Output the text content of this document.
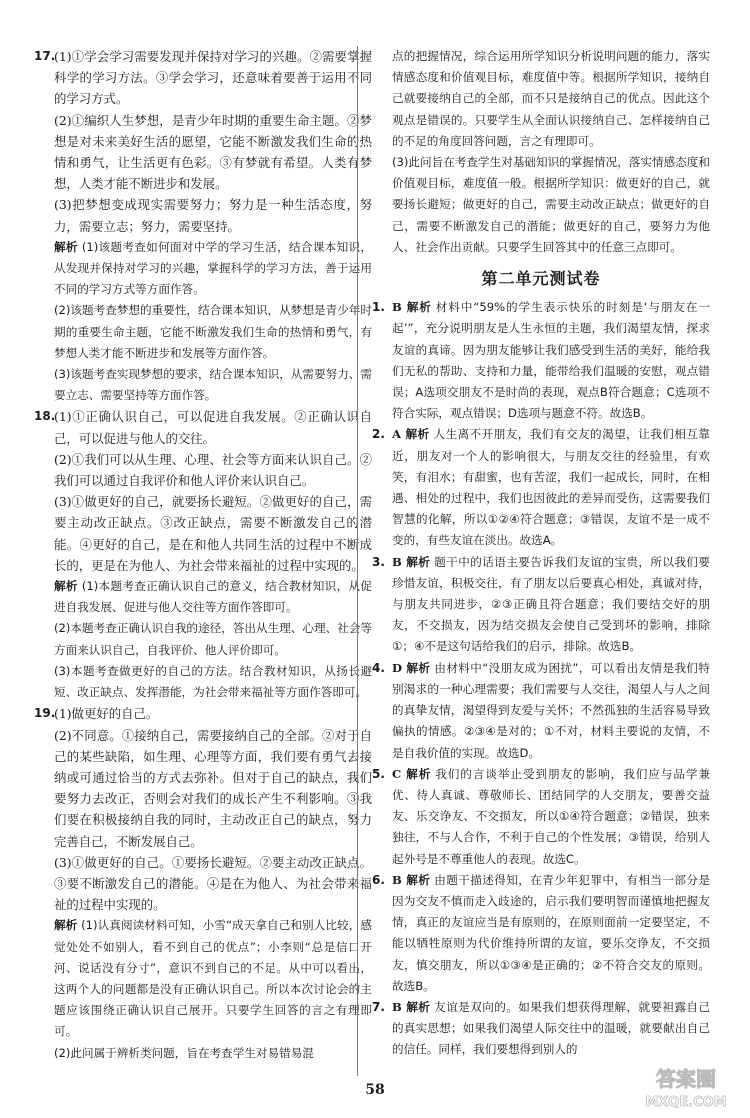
17.

(1)①学会学习需要发现并保持对学习的兴趣。②需要掌握科学的学习方法。③学会学习，还意味着要善于运用不同的学习方式。

(2)①编织人生梦想，是青少年时期的重要生命主题。②梦想是对未来美好生活的愿望，它能不断激发我们生命的热情和勇气，让生活更有色彩。③有梦就有希望。人类有梦想，人类才能不断进步和发展。

(3)把梦想变成现实需要努力；努力是一种生活态度，努力，需要立志；努力，需要坚持。

解析 (1)该题考查如何面对中学的学习生活，结合课本知识，从发现并保持对学习的兴趣，掌握科学的学习方法，善于运用不同的学习方式等方面作答。

(2)该题考查梦想的重要性，结合课本知识，从梦想是青少年时期的重要生命主题，它能不断激发我们生命的热情和勇气，有梦想人类才能不断进步和发展等方面作答。

(3)该题考查实现梦想的要求，结合课本知识，从需要努力、需要立志、需要坚持等方面作答。

18.

(1)①正确认识自己，可以促进自我发展。②正确认识自己，可以促进与他人的交往。

(2)①我们可以从生理、心理、社会等方面来认识自己。②我们可以通过自我评价和他人评价来认识自己。

(3)①做更好的自己，就要扬长避短。②做更好的自己，需要主动改正缺点。③改正缺点，需要不断激发自己的潜能。④更好的自己，是在和他人共同生活的过程中不断成长的，更是在为他人、为社会带来福祉的过程中实现的。

解析 (1)本题考查正确认识自己的意义，结合教材知识，从促进自我发展、促进与他人交往等方面作答即可。

(2)本题考查正确认识自我的途径，答出从生理、心理、社会等方面来认识自己，自我评价、他人评价即可。

(3)本题考查做更好的自己的方法。结合教材知识，从扬长避短、改正缺点、发挥潜能，为社会带来福祉等方面作答即可。

19.

(1)做更好的自己。

(2)不同意。①接纳自己，需要接纳自己的全部。②对于自己的某些缺陷，如生理、心理等方面，我们要有勇气去接纳或可通过恰当的方式去弥补。但对于自己的缺点，我们要努力去改正，否则会对我们的成长产生不利影响。③我们要在积极接纳自我的同时，主动改正自己的缺点，努力完善自己，不断发展自己。

(3)①做更好的自己。①要扬长避短。②要主动改正缺点。③要不断激发自己的潜能。④是在为他人、为社会带来福祉的过程中实现的。

解析 (1)认真阅读材料可知，小雪“成天拿自己和别人比较，感觉处处不如别人，看不到自己的优点”；小李则“总是信口开河、说话没有分寸”，意识不到自己的不足。从中可以看出，这两个人的问题都是没有正确认识自己。所以本次讨论会的主题应该围绕正确认识自己展开。只要学生回答的言之有理即可。

(2)此问属于辨析类问题，旨在考查学生对易错易混

点的把握情况，综合运用所学知识分析说明问题的能力，落实情感态度和价值观目标，难度值中等。根据所学知识，接纳自己就要接纳自己的全部，而不只是接纳自己的优点。因此这个观点是错误的。只要学生从全面认识接纳自己、怎样接纳自己的不足的角度回答问题，言之有理即可。

(3)此问旨在考查学生对基础知识的掌握情况，落实情感态度和价值观目标，难度值一般。根据所学知识：做更好的自己，就要扬长避短；做更好的自己，需要主动改正缺点；做更好的自己，需要不断激发自己的潜能；做更好的自己，要努力为他人、社会作出贡献。只要学生回答其中的任意三点即可。

第二单元测试卷

1. B 解析 材料中“59%的学生表示快乐的时刻是‘与朋友在一起’”，充分说明朋友是人生永恒的主题，我们渴望友情，探求友谊的真谛。因为朋友能够让我们感受到生活的美好，能给我们无私的帮助、支持和力量，能带给我们温暖的安慰，观点错误；A选项交朋友不是时尚的表现，观点B符合题意；C选项不符合实际，观点错误；D选项与题意不符。故选B。

2. A 解析 人生离不开朋友，我们有交友的渴望，让我们相互靠近，朋友对一个人的影响很大，与朋友交往的经验里，有欢笑，有泪水；有甜蜜，也有苦涩，我们一起成长，同时，在相遇、相处的过程中，我们也因彼此的差异而受伤，这需要我们智慧的化解，所以①②④符合题意；③错误，友谊不是一成不变的，有些友谊在淡出。故选A。

3. B 解析 题干中的话语主要告诉我们友谊的宝贵，所以我们要珍惜友谊，积极交往，有了朋友以后要真心相处，真诚对待，与朋友共同进步，②③正确且符合题意；我们要结交好的朋友，不交损友，因为结交损友会使自己受到坏的影响，排除①；④不是这句话给我们的启示，排除。故选B。

4. D 解析 由材料中“没朋友成为困扰”，可以看出友情是我们特别渴求的一种心理需要；我们需要与人交往，渴望人与人之间的真挚友情，渴望得到友爱与关怀；不然孤独的生活容易导致偏执的情感。②③④是对的；①不对，材料主要说的友情，不是自我价值的实现。故选D。

5. C 解析 我们的言谈举止受到朋友的影响，我们应与品学兼优、待人真诚、尊敬师长、团结同学的人交朋友，要善交益友、乐交诤友、不交损友，所以①④符合题意；②错误，独来独往，不与人合作，不利于自己的个性发展；③错误，给别人起外号是不尊重他人的表现。故选C。

6. B 解析 由题干描述得知，在青少年犯罪中，有相当一部分是因为交友不慎而走入歧途的，启示我们要明智而谨慎地把握友情，真正的友谊应当是有原则的，在原则面前一定要坚定，不能以牺牲原则为代价维持所谓的友谊，要乐交诤友，不交损友，慎交朋友，所以①③④是正确的；②不符合交友的原则。故选B。

7. B 解析 友谊是双向的。如果我们想获得理解，就要袒露自己的真实思想；如果我们渴望人际交往中的温暖，就要献出自己的信任。同样，我们要想得到别人的

58	答案圈
MXQE.COM
